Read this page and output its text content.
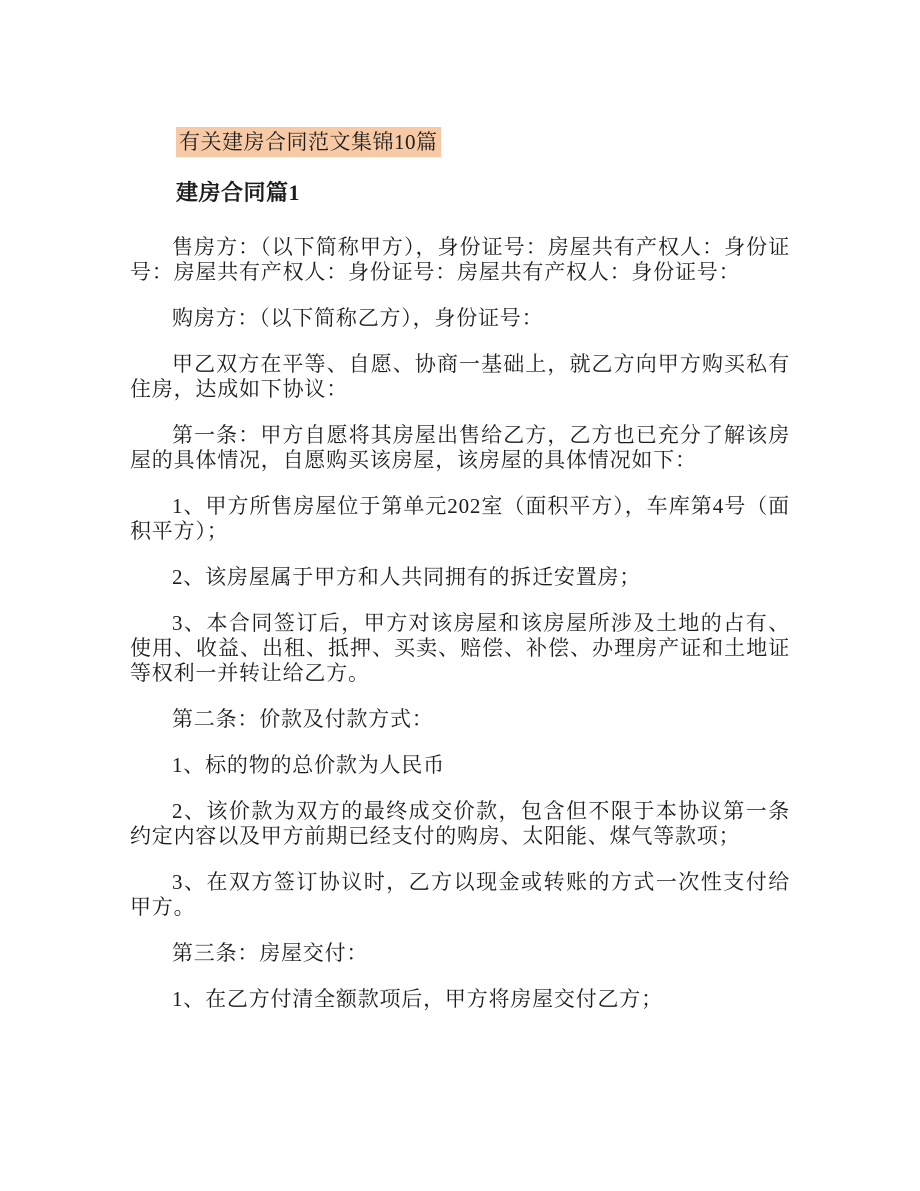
有关建房合同范文集锦10篇
建房合同篇1

售房方：（以下简称甲方），身份证号：房屋共有产权人：身份证号：房屋共有产权人：身份证号：房屋共有产权人：身份证号：

购房方：（以下简称乙方），身份证号：

甲乙双方在平等、自愿、协商一基础上，就乙方向甲方购买私有住房，达成如下协议：

第一条：甲方自愿将其房屋出售给乙方，乙方也已充分了解该房屋的具体情况，自愿购买该房屋，该房屋的具体情况如下：

1、甲方所售房屋位于第单元202室（面积平方），车库第4号（面积平方）；

2、该房屋属于甲方和人共同拥有的拆迁安置房；

3、本合同签订后，甲方对该房屋和该房屋所涉及土地的占有、使用、收益、出租、抵押、买卖、赔偿、补偿、办理房产证和土地证等权利一并转让给乙方。

第二条：价款及付款方式：

1、标的物的总价款为人民币

2、该价款为双方的最终成交价款，包含但不限于本协议第一条约定内容以及甲方前期已经支付的购房、太阳能、煤气等款项；

3、在双方签订协议时，乙方以现金或转账的方式一次性支付给甲方。

第三条：房屋交付：

1、在乙方付清全额款项后，甲方将房屋交付乙方；
